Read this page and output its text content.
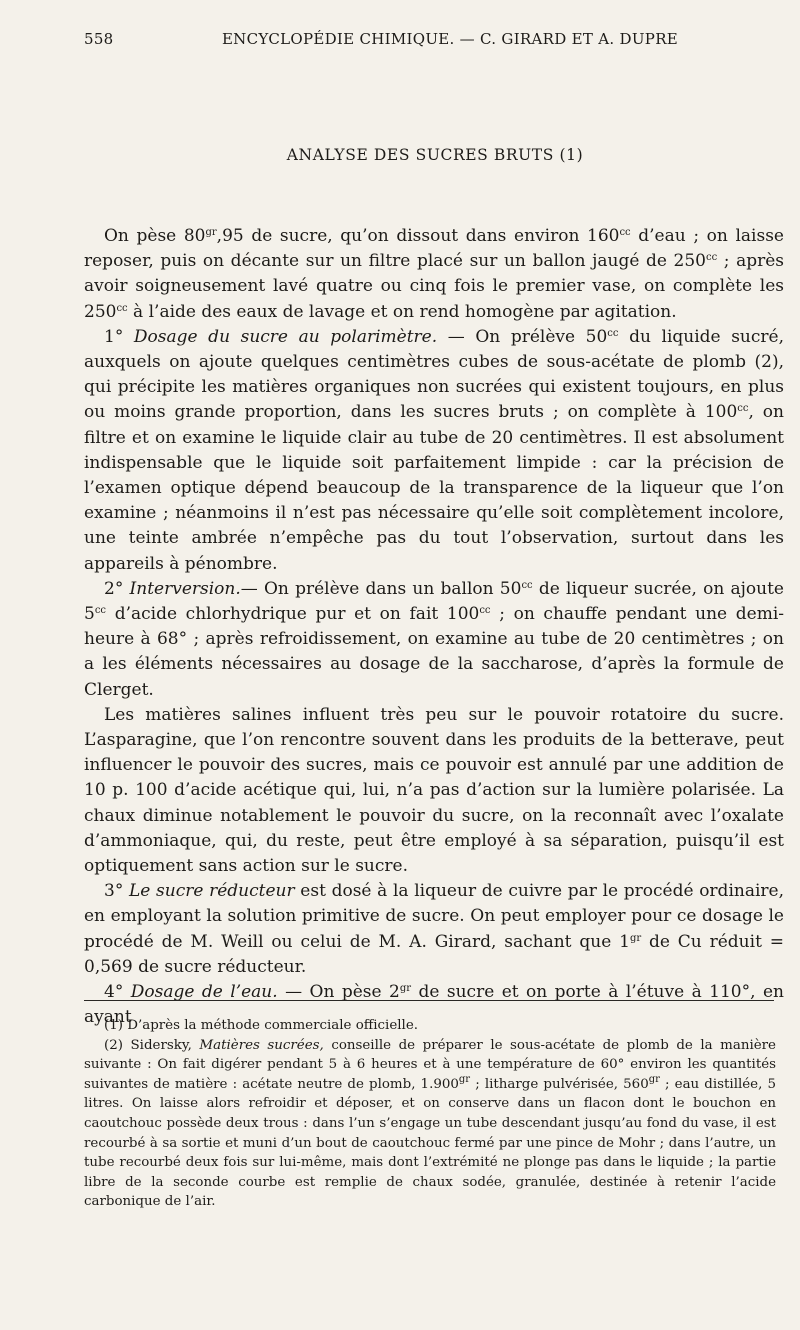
558	ENCYCLOPÉDIE CHIMIQUE. — C. GIRARD ET A. DUPRE
ANALYSE DES SUCRES BRUTS (1)

On pèse $80^{gr},95$ de sucre, qu’on dissout dans environ $160^{cc}$ d’eau ; on laisse reposer, puis on décante sur un filtre placé sur un ballon jaugé de $250^{cc}$ ; après avoir soigneusement lavé quatre ou cinq fois le premier vase, on complète les $250^{cc}$ à l’aide des eaux de lavage et on rend homogène par agitation.

1° Dosage du sucre au polarimètre. — On prélève $50^{cc}$ du liquide sucré, auxquels on ajoute quelques centimètres cubes de sous-acétate de plomb (2), qui précipite les matières organiques non sucrées qui existent toujours, en plus ou moins grande proportion, dans les sucres bruts ; on complète à $100^{cc}$, on filtre et on examine le liquide clair au tube de 20 centimètres. Il est absolument indispensable que le liquide soit parfaitement limpide : car la précision de l’examen optique dépend beaucoup de la transparence de la liqueur que l’on examine ; néanmoins il n’est pas nécessaire qu’elle soit complètement incolore, une teinte ambrée n’empêche pas du tout l’observation, surtout dans les appareils à pénombre.

2° Interversion.— On prélève dans un ballon $50^{cc}$ de liqueur sucrée, on ajoute $5^{cc}$ d’acide chlorhydrique pur et on fait $100^{cc}$ ; on chauffe pendant une demi-heure à 68° ; après refroidissement, on examine au tube de 20 centimètres ; on a les éléments nécessaires au dosage de la saccharose, d’après la formule de Clerget.

Les matières salines influent très peu sur le pouvoir rotatoire du sucre. L’asparagine, que l’on rencontre souvent dans les produits de la betterave, peut influencer le pouvoir des sucres, mais ce pouvoir est annulé par une addition de 10 p. 100 d’acide acétique qui, lui, n’a pas d’action sur la lumière polarisée. La chaux diminue notablement le pouvoir du sucre, on la reconnaît avec l’oxalate d’ammoniaque, qui, du reste, peut être employé à sa séparation, puisqu’il est optiquement sans action sur le sucre.

3° Le sucre réducteur est dosé à la liqueur de cuivre par le procédé ordinaire, en employant la solution primitive de sucre. On peut employer pour ce dosage le procédé de M. Weill ou celui de M. A. Girard, sachant que $1^{gr}$ de Cu réduit = 0,569 de sucre réducteur.

4° Dosage de l’eau. — On pèse $2^{gr}$ de sucre et on porte à l’étuve à 110°, en ayant

(1) D’après la méthode commerciale officielle.

(2) Sidersky, Matières sucrées, conseille de préparer le sous-acétate de plomb de la manière suivante : On fait digérer pendant 5 à 6 heures et à une température de 60° environ les quantités suivantes de matière : acétate neutre de plomb, $1.900^{gr}$ ; litharge pulvérisée, $560^{gr}$ ; eau distillée, 5 litres. On laisse alors refroidir et déposer, et on conserve dans un flacon dont le bouchon en caoutchouc possède deux trous : dans l’un s’engage un tube descendant jusqu’au fond du vase, il est recourbé à sa sortie et muni d’un bout de caoutchouc fermé par une pince de Mohr ; dans l’autre, un tube recourbé deux fois sur lui-même, mais dont l’extrémité ne plonge pas dans le liquide ; la partie libre de la seconde courbe est remplie de chaux sodée, granulée, destinée à retenir l’acide carbonique de l’air.
